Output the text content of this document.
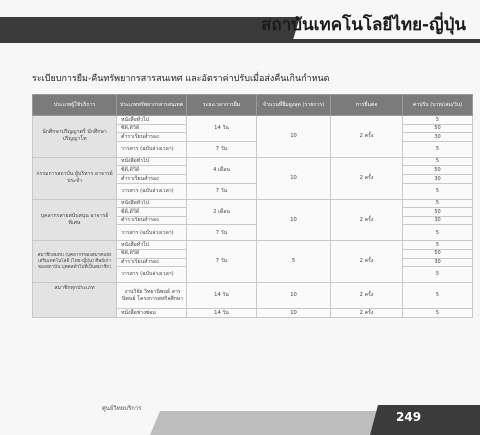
สถาบันเทคโนโลยีไทย-ญี่ปุ่น
ระเบียบการยืม-คืนทรัพยากรสารสนเทศ และอัตราค่าปรับเมื่อส่งคืนเกินกำหนด
ประเภทผู้ใช้บริการ	ประเภททรัพยากรสารสนเทศ	ระยะเวลาการยืม	จำนวนที่ยืมสูงสุด (รายการ)	การยืมต่อ	ค่าปรับ (บาท/เล่ม/วัน)
นักศึกษาปริญญาตรี นักศึกษาปริญญาโท	หนังสือทั่วไป	14 วัน	10	2 ครั้ง	5
	ซีดี,ดีวีดี				50
	ตำราเรียนสำรอง				30
	วารสาร (ฉบับล่วงเวลา)	7 วัน			5
กรรมการสถาบัน ผู้บริหาร อาจารย์ประจำ	หนังสือทั่วไป	4 เดือน	10	2 ครั้ง	5
	ซีดี,ดีวีดี				50
	ตำราเรียนสำรอง				30
	วารสาร (ฉบับล่วงเวลา)	7 วัน			5
บุคลากรสายสนับสนุน อาจารย์พิเศษ	หนังสือทั่วไป	2 เดือน	10	2 ครั้ง	5
	ซีดี,ดีวีดี				50
	ตำราเรียนสำรอง				30
	วารสาร (ฉบับล่วงเวลา)	7 วัน			5
สมาชิกสมทบ (บุคลากรของสมาคมส่งเสริมเทคโนโลยี (ไทย-ญี่ปุ่น) ศิษย์เก่าของสถาบัน บุคคลทั่วไปที่เป็นสมาชิก)	หนังสือทั่วไป	7 วัน	5	2 ครั้ง	5
	ซีดี,ดีวีดี				50
	ตำราเรียนสำรอง				30
	วารสาร (ฉบับล่วงเวลา)				5
สมาชิกทุกประเภท	งานวิจัย วิทยานิพนธ์ สารนิพนธ์ โครงการสหกิจศึกษา	14 วัน	10	2 ครั้ง	5
	หนังสือช่างซ่อม	14 วัน	10	2 ครั้ง	5
ศูนย์วิทยบริการ
249
